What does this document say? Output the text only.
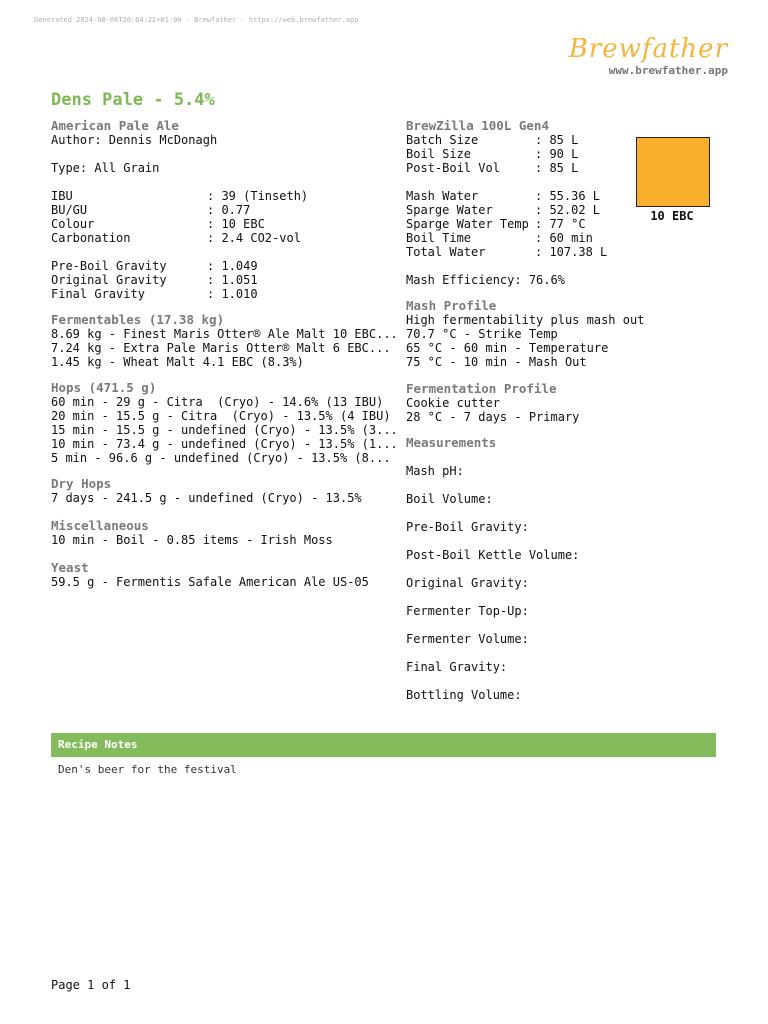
Generated 2024-08-06T20:04:22+01:00 - Brewfather - https://web.brewfather.app
Brewfather
www.brewfather.app
Dens Pale - 5.4%
American Pale Ale
Author: Dennis McDonagh
Type: All Grain
IBU	: 39 (Tinseth)
BU/GU	: 0.77
Colour	: 10 EBC
Carbonation	: 2.4 CO2-vol
Pre-Boil Gravity	: 1.049
Original Gravity	: 1.051
Final Gravity	: 1.010
Fermentables (17.38 kg)
8.69 kg - Finest Maris Otter® Ale Malt 10 EBC...
7.24 kg - Extra Pale Maris Otter® Malt 6 EBC...
1.45 kg - Wheat Malt 4.1 EBC (8.3%)
Hops (471.5 g)
60 min - 29 g - Citra  (Cryo) - 14.6% (13 IBU)
20 min - 15.5 g - Citra  (Cryo) - 13.5% (4 IBU)
15 min - 15.5 g - undefined (Cryo) - 13.5% (3...
10 min - 73.4 g - undefined (Cryo) - 13.5% (1...
5 min - 96.6 g - undefined (Cryo) - 13.5% (8...
Dry Hops
7 days - 241.5 g - undefined (Cryo) - 13.5%
Miscellaneous
10 min - Boil - 0.85 items - Irish Moss
Yeast
59.5 g - Fermentis Safale American Ale US-05
BrewZilla 100L Gen4
Batch Size	: 85 L
Boil Size	: 90 L
Post-Boil Vol	: 85 L
Mash Water	: 55.36 L
Sparge Water	: 52.02 L
Sparge Water Temp : 77 °C
Boil Time	: 60 min
Total Water	: 107.38 L
Mash Efficiency: 76.6%
Mash Profile
High fermentability plus mash out
70.7 °C - Strike Temp
65 °C - 60 min - Temperature
75 °C - 10 min - Mash Out
Fermentation Profile
Cookie cutter
28 °C - 7 days - Primary
Measurements
Mash pH:
Boil Volume:
Pre-Boil Gravity:
Post-Boil Kettle Volume:
Original Gravity:
Fermenter Top-Up:
Fermenter Volume:
Final Gravity:
Bottling Volume:
10 EBC
Recipe Notes
Den's beer for the festival
Page 1 of 1
